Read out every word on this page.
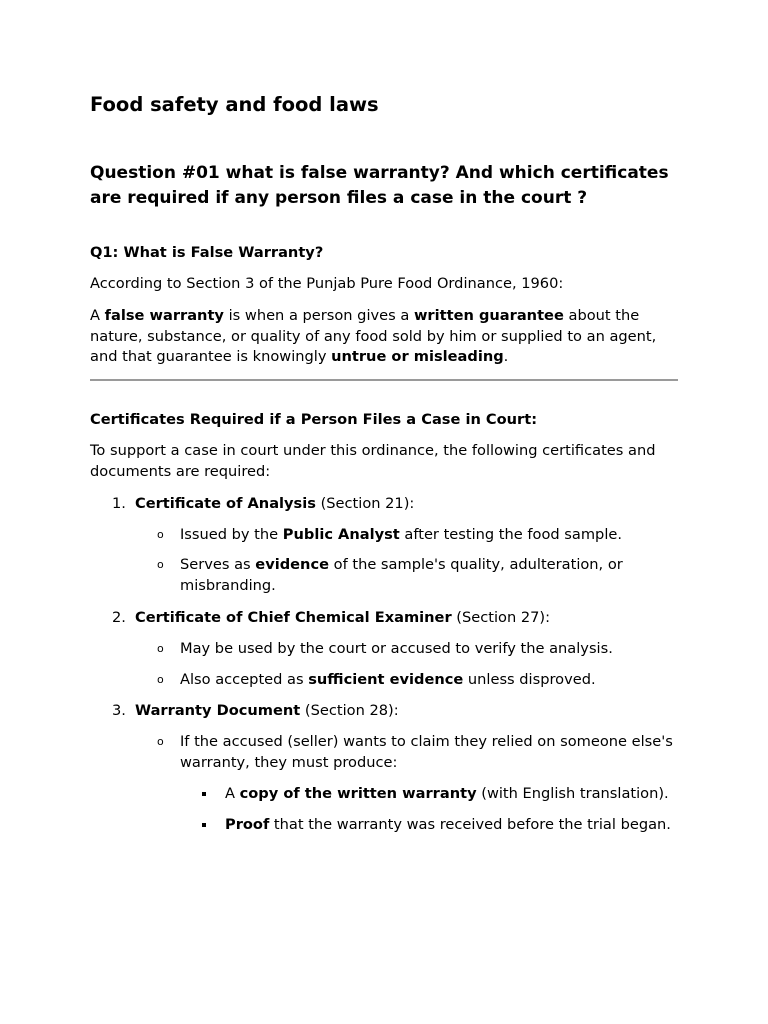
Food safety and food laws
Question #01 what is false warranty? And which certificates are required if any person files a case in the court ?
Q1: What is False Warranty?

According to Section 3 of the Punjab Pure Food Ordinance, 1960:

A false warranty is when a person gives a written guarantee about the nature, substance, or quality of any food sold by him or supplied to an agent, and that guarantee is knowingly untrue or misleading.

Certificates Required if a Person Files a Case in Court:

To support a case in court under this ordinance, the following certificates and documents are required:

1. Certificate of Analysis (Section 21):
o Issued by the Public Analyst after testing the food sample.
o Serves as evidence of the sample's quality, adulteration, or misbranding.
2. Certificate of Chief Chemical Examiner (Section 27):
o May be used by the court or accused to verify the analysis.
o Also accepted as sufficient evidence unless disproved.
3. Warranty Document (Section 28):
o If the accused (seller) wants to claim they relied on someone else's warranty, they must produce:
A copy of the written warranty (with English translation).
Proof that the warranty was received before the trial began.
